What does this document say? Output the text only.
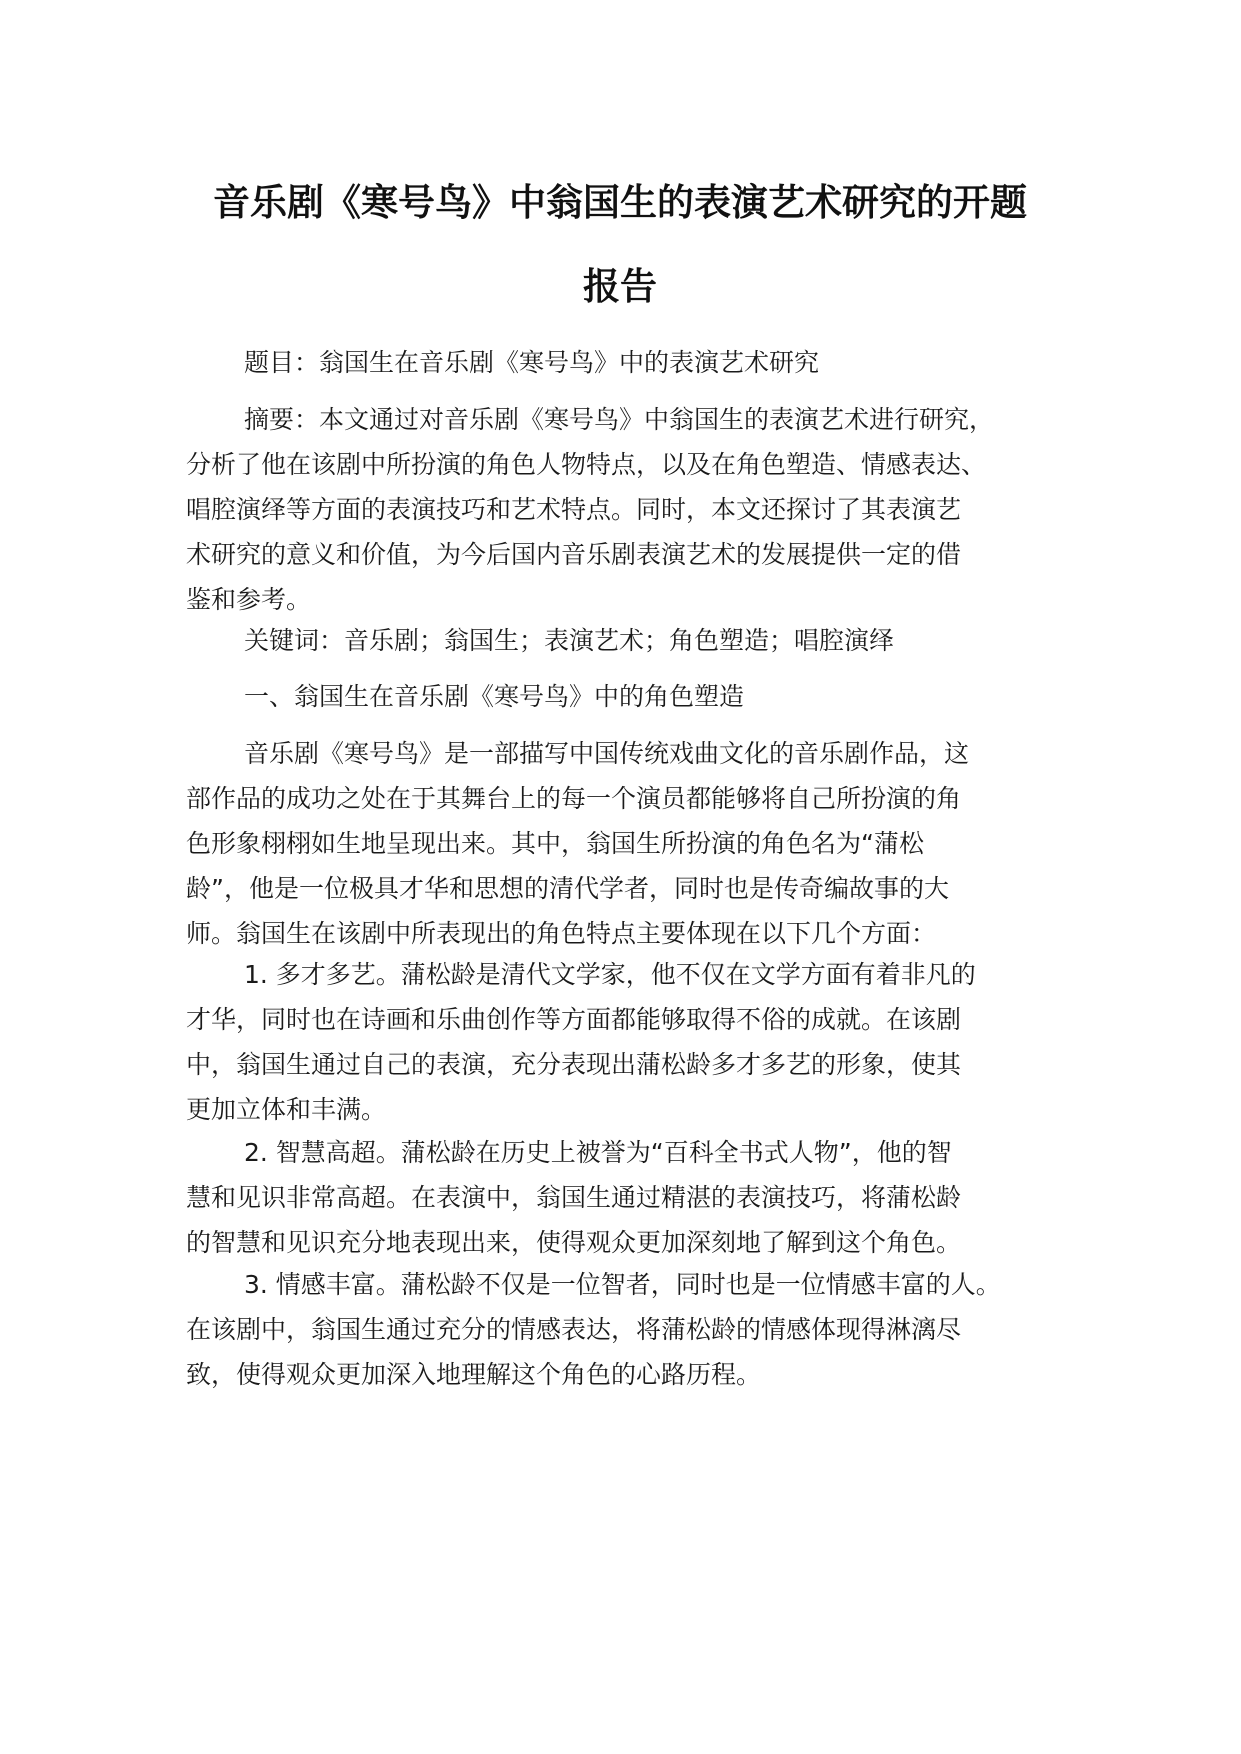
音乐剧《寒号鸟》中翁国生的表演艺术研究的开题
报告

题目：翁国生在音乐剧《寒号鸟》中的表演艺术研究

摘要：本文通过对音乐剧《寒号鸟》中翁国生的表演艺术进行研究，
分析了他在该剧中所扮演的角色人物特点，以及在角色塑造、情感表达、
唱腔演绎等方面的表演技巧和艺术特点。同时，本文还探讨了其表演艺
术研究的意义和价值，为今后国内音乐剧表演艺术的发展提供一定的借
鉴和参考。

关键词：音乐剧；翁国生；表演艺术；角色塑造；唱腔演绎

一、翁国生在音乐剧《寒号鸟》中的角色塑造

音乐剧《寒号鸟》是一部描写中国传统戏曲文化的音乐剧作品，这
部作品的成功之处在于其舞台上的每一个演员都能够将自己所扮演的角
色形象栩栩如生地呈现出来。其中，翁国生所扮演的角色名为“蒲松
龄”，他是一位极具才华和思想的清代学者，同时也是传奇编故事的大
师。翁国生在该剧中所表现出的角色特点主要体现在以下几个方面：

1. 多才多艺。蒲松龄是清代文学家，他不仅在文学方面有着非凡的
才华，同时也在诗画和乐曲创作等方面都能够取得不俗的成就。在该剧
中，翁国生通过自己的表演，充分表现出蒲松龄多才多艺的形象，使其
更加立体和丰满。

2. 智慧高超。蒲松龄在历史上被誉为“百科全书式人物”，他的智
慧和见识非常高超。在表演中，翁国生通过精湛的表演技巧，将蒲松龄
的智慧和见识充分地表现出来，使得观众更加深刻地了解到这个角色。

3. 情感丰富。蒲松龄不仅是一位智者，同时也是一位情感丰富的人。
在该剧中，翁国生通过充分的情感表达，将蒲松龄的情感体现得淋漓尽
致，使得观众更加深入地理解这个角色的心路历程。
